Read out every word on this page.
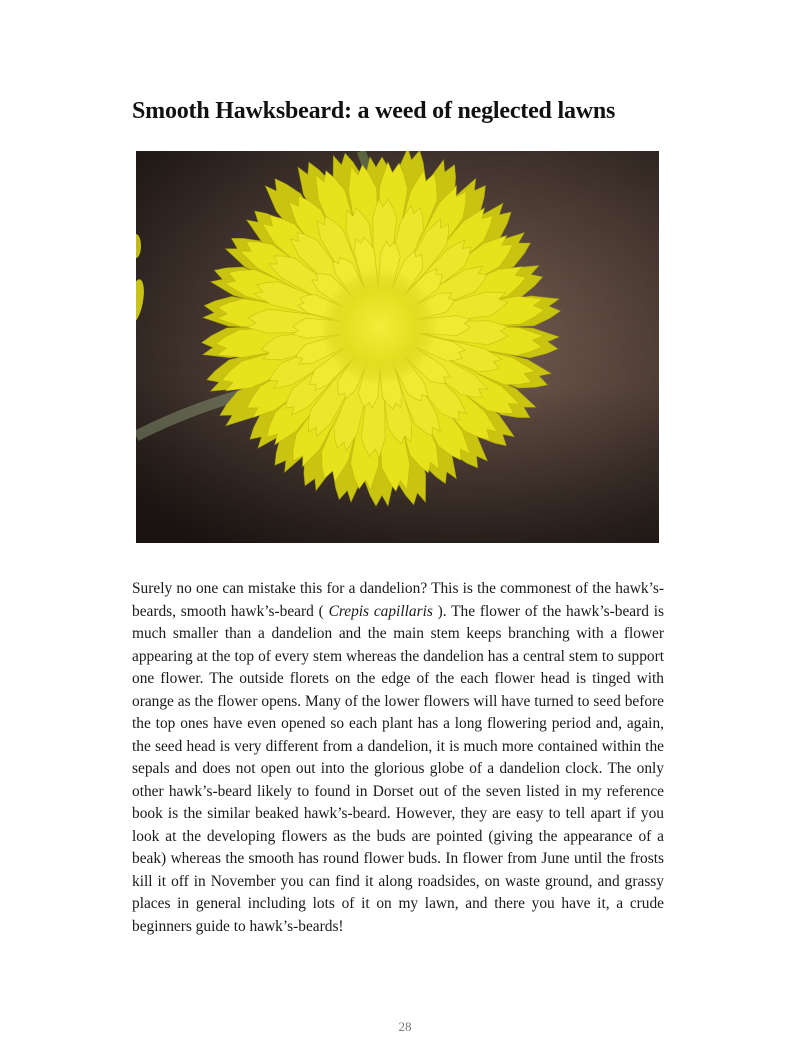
Smooth Hawksbeard: a weed of neglected lawns

Surely no one can mistake this for a dandelion? This is the commonest of the hawk’s-beards, smooth hawk’s-beard ( Crepis capillaris ). The flower of the hawk’s-beard is much smaller than a dandelion and the main stem keeps branching with a flower appearing at the top of every stem whereas the dandelion has a central stem to support one flower. The outside florets on the edge of the each flower head is tinged with orange as the flower opens. Many of the lower flowers will have turned to seed before the top ones have even opened so each plant has a long flowering period and, again, the seed head is very different from a dandelion, it is much more contained within the sepals and does not open out into the glorious globe of a dandelion clock. The only other hawk’s-beard likely to found in Dorset out of the seven listed in my reference book is the similar beaked hawk’s-beard. However, they are easy to tell apart if you look at the developing flowers as the buds are pointed (giving the appearance of a beak) whereas the smooth has round flower buds. In flower from June until the frosts kill it off in November you can find it along roadsides, on waste ground, and grassy places in general including lots of it on my lawn, and there you have it, a crude beginners guide to hawk’s-beards!

28
